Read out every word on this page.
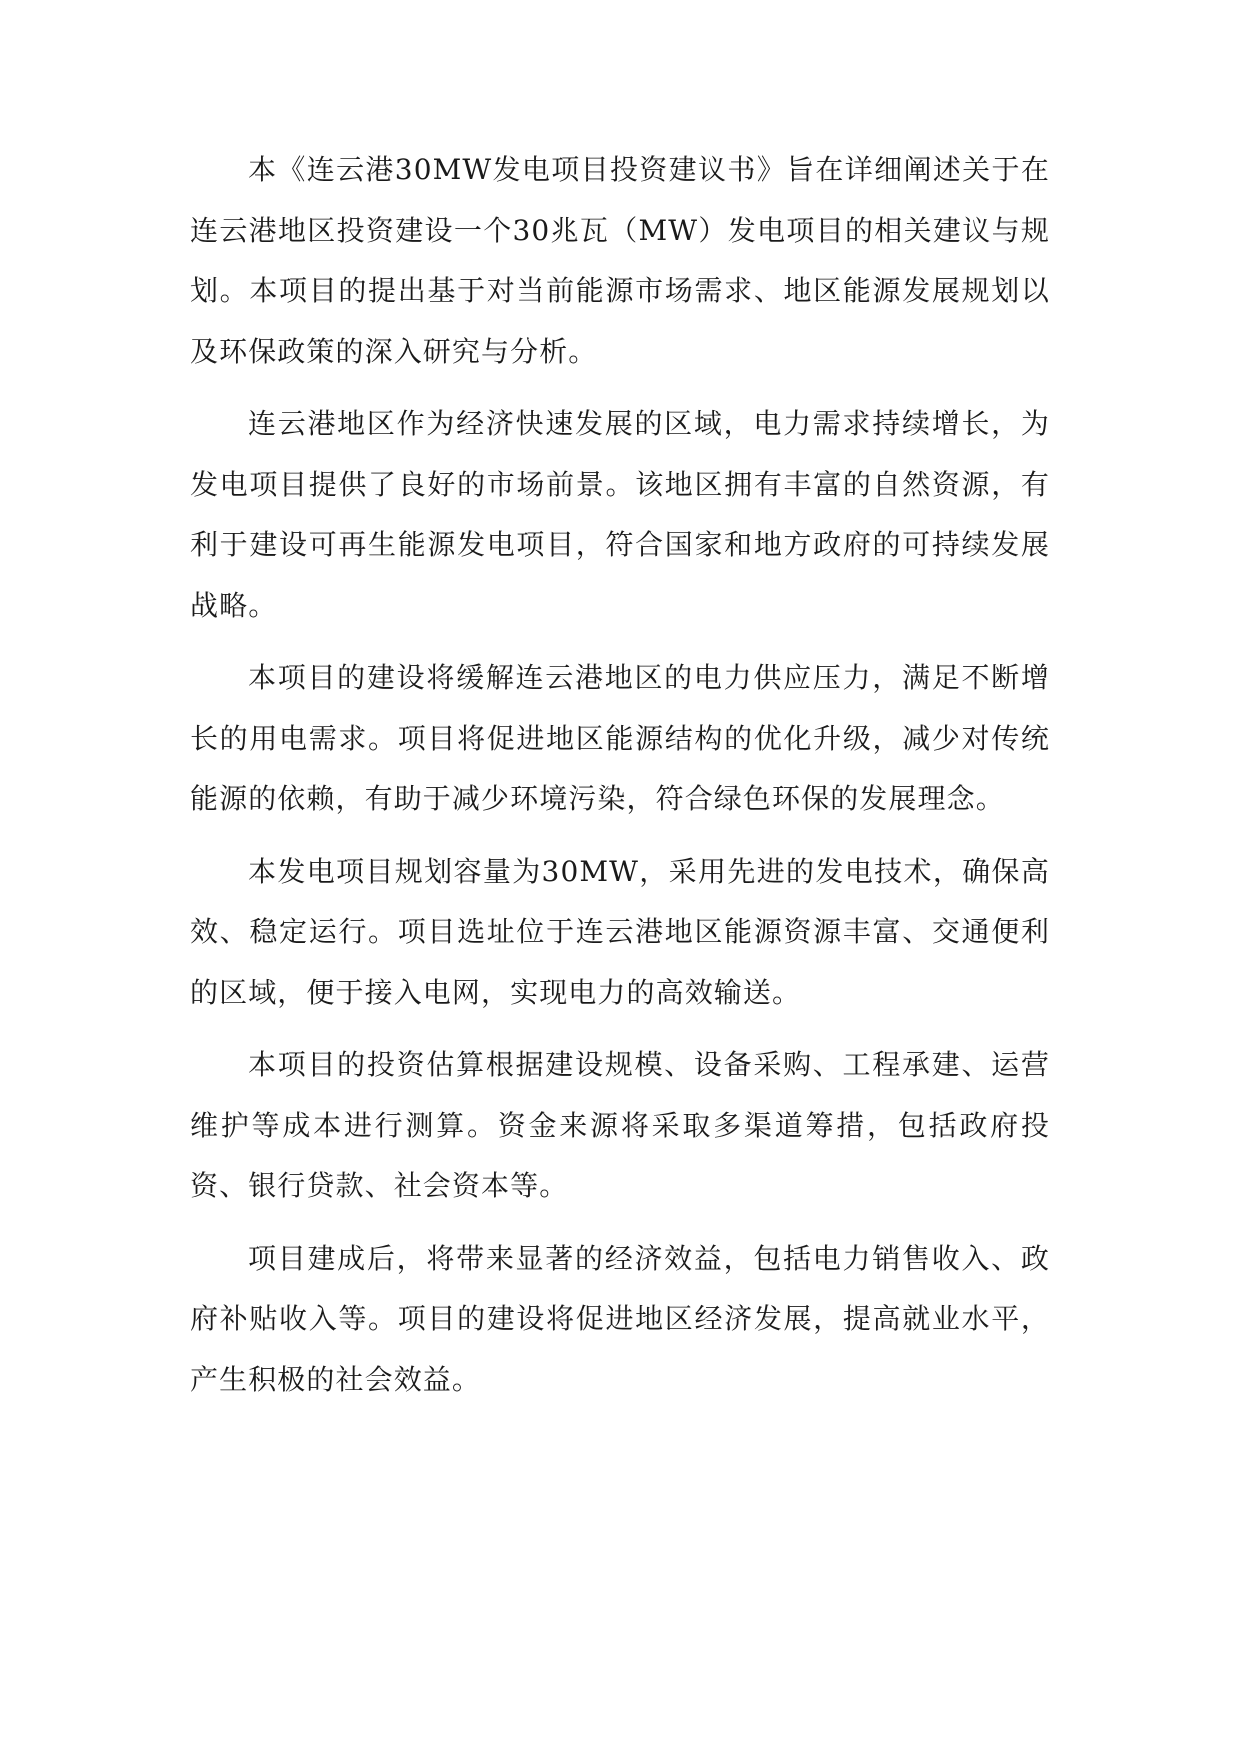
本《连云港30MW发电项目投资建议书》旨在详细阐述关于在连云港地区投资建设一个30兆瓦（MW）发电项目的相关建议与规划。本项目的提出基于对当前能源市场需求、地区能源发展规划以及环保政策的深入研究与分析。

连云港地区作为经济快速发展的区域，电力需求持续增长，为发电项目提供了良好的市场前景。该地区拥有丰富的自然资源，有利于建设可再生能源发电项目，符合国家和地方政府的可持续发展战略。

本项目的建设将缓解连云港地区的电力供应压力，满足不断增长的用电需求。项目将促进地区能源结构的优化升级，减少对传统能源的依赖，有助于减少环境污染，符合绿色环保的发展理念。

本发电项目规划容量为30MW，采用先进的发电技术，确保高效、稳定运行。项目选址位于连云港地区能源资源丰富、交通便利的区域，便于接入电网，实现电力的高效输送。

本项目的投资估算根据建设规模、设备采购、工程承建、运营维护等成本进行测算。资金来源将采取多渠道筹措，包括政府投资、银行贷款、社会资本等。

项目建成后，将带来显著的经济效益，包括电力销售收入、政府补贴收入等。项目的建设将促进地区经济发展，提高就业水平，产生积极的社会效益。
